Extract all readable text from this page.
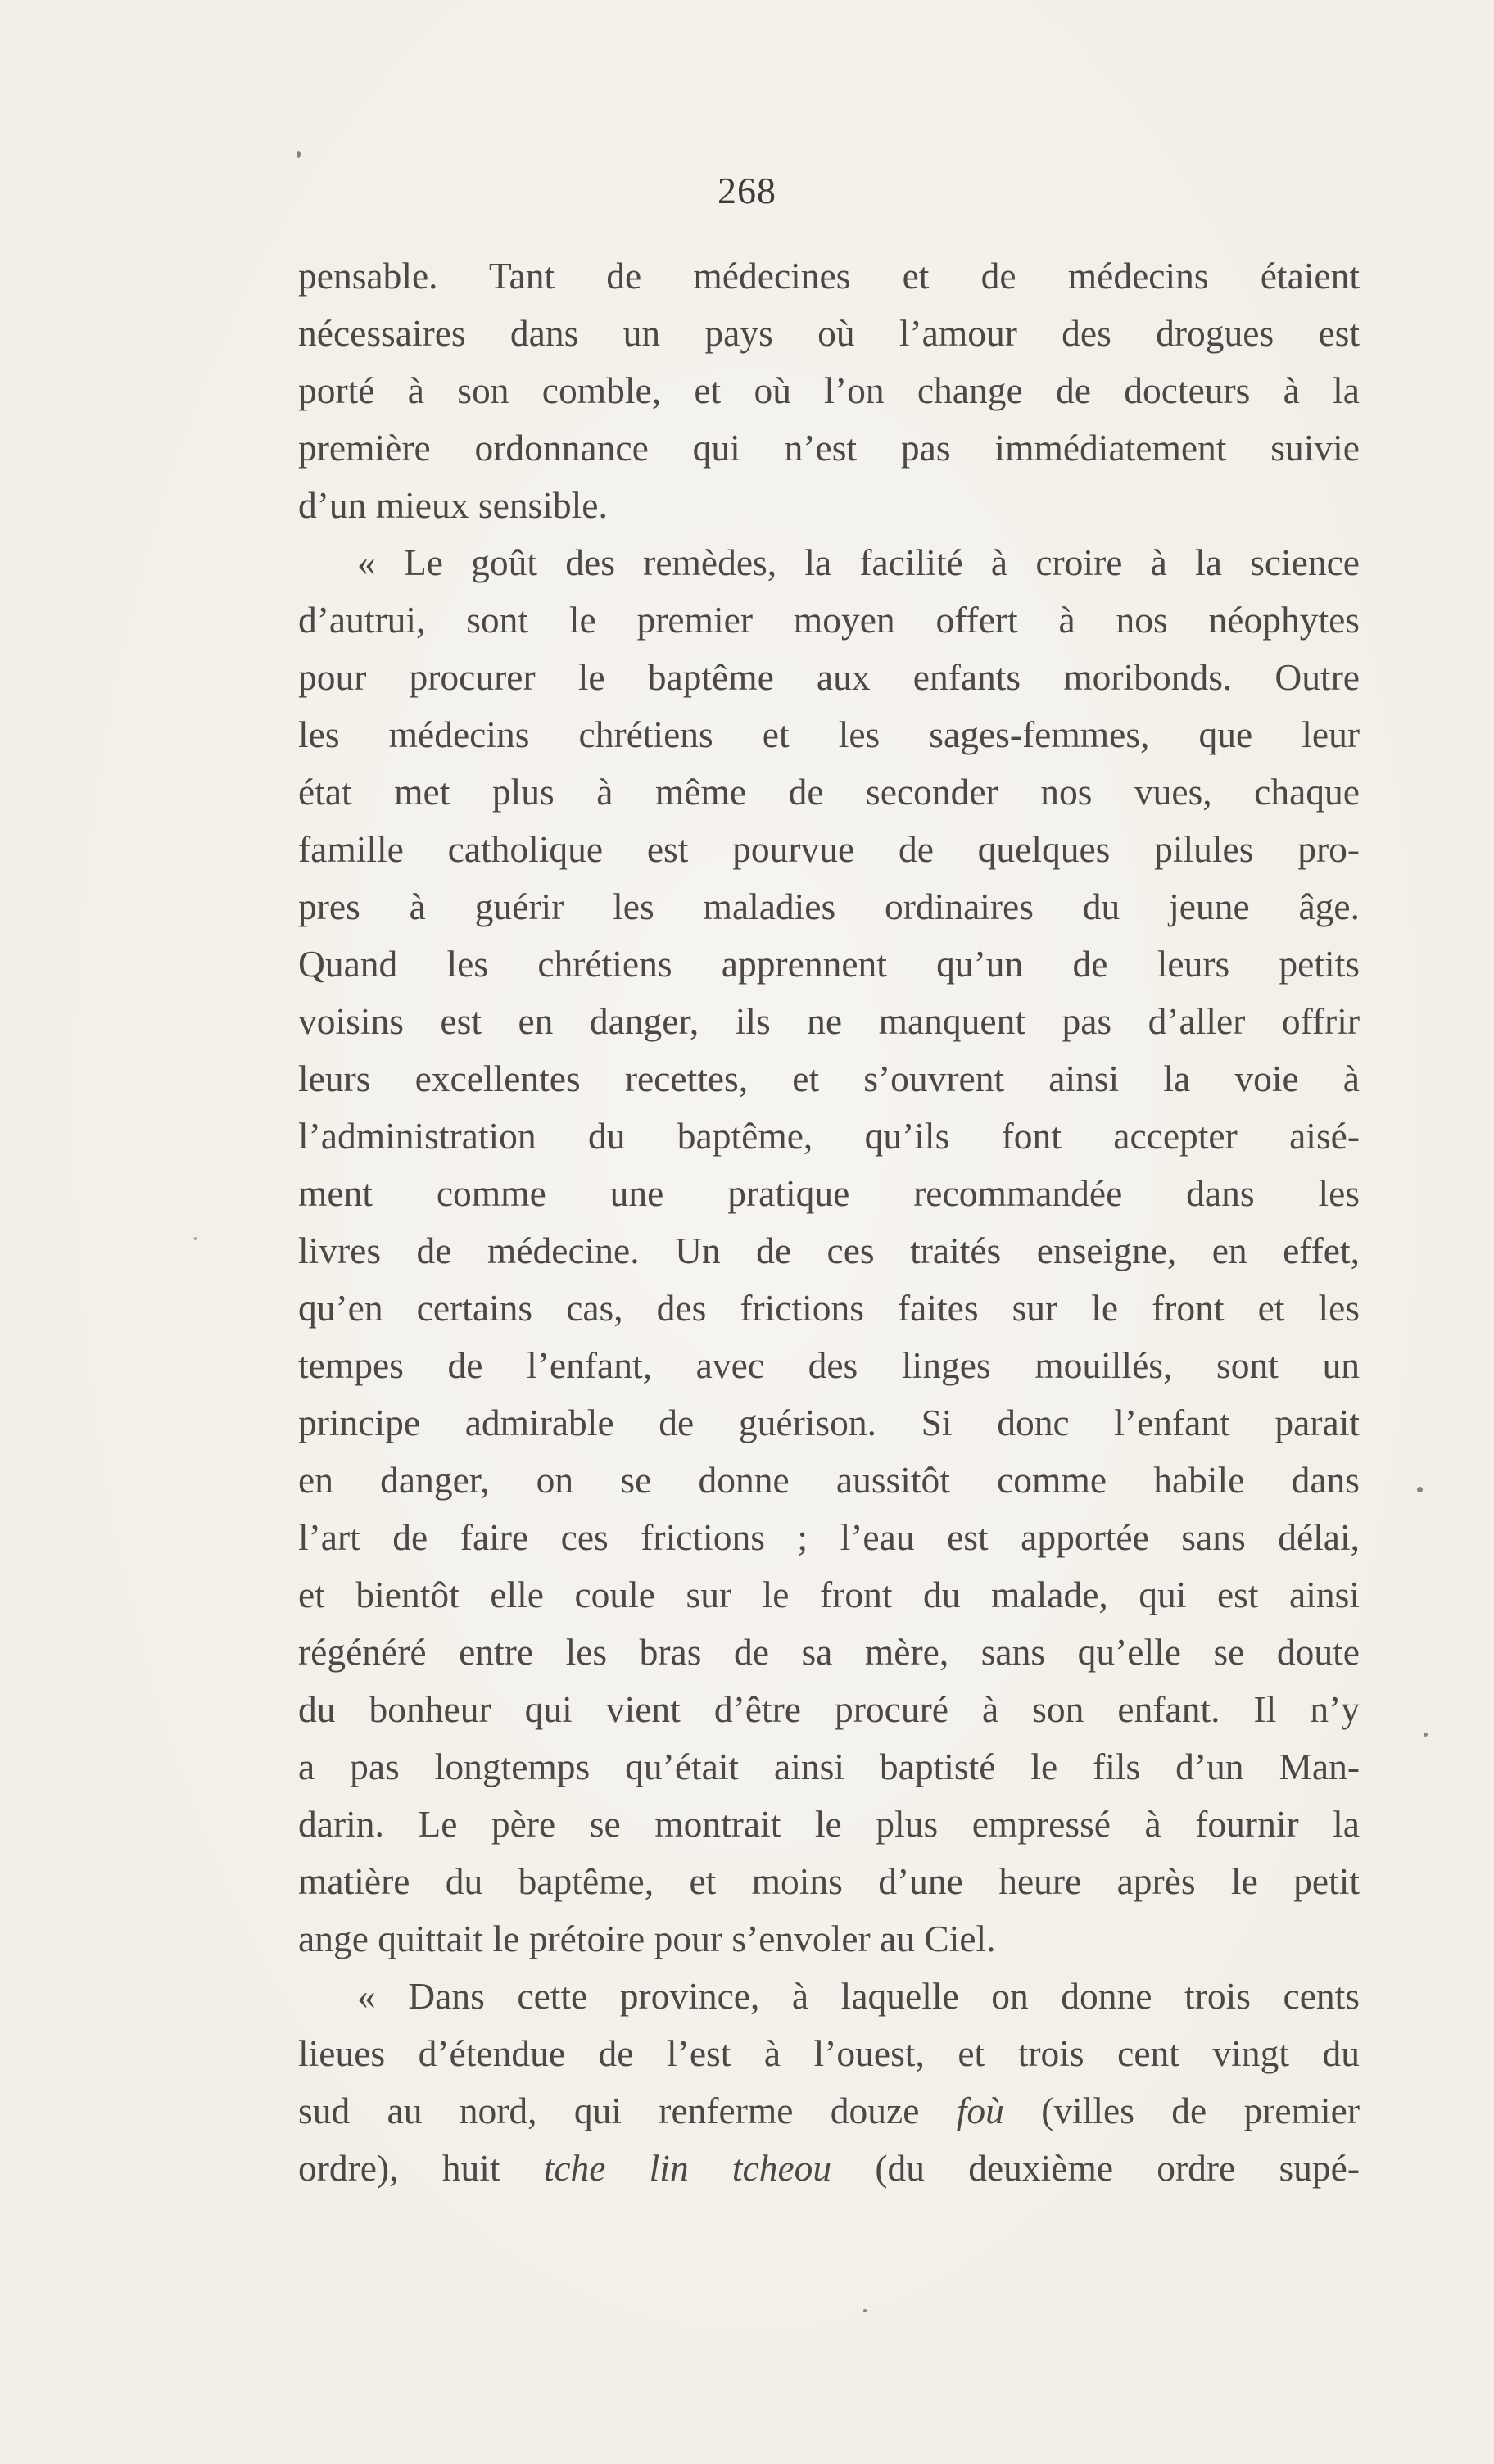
268
pensable. Tant de médecines et de médecins étaient
nécessaires dans un pays où l’amour des drogues est
porté à son comble, et où l’on change de docteurs à la
première ordonnance qui n’est pas immédiatement suivie
d’un mieux sensible.
« Le goût des remèdes, la facilité à croire à la science
d’autrui, sont le premier moyen offert à nos néophytes
pour procurer le baptême aux enfants moribonds. Outre
les médecins chrétiens et les sages-femmes, que leur
état met plus à même de seconder nos vues, chaque
famille catholique est pourvue de quelques pilules pro-
pres à guérir les maladies ordinaires du jeune âge.
Quand les chrétiens apprennent qu’un de leurs petits
voisins est en danger, ils ne manquent pas d’aller offrir
leurs excellentes recettes, et s’ouvrent ainsi la voie à
l’administration du baptême, qu’ils font accepter aisé-
ment comme une pratique recommandée dans les
livres de médecine. Un de ces traités enseigne, en effet,
qu’en certains cas, des frictions faites sur le front et les
tempes de l’enfant, avec des linges mouillés, sont un
principe admirable de guérison. Si donc l’enfant parait
en danger, on se donne aussitôt comme habile dans
l’art de faire ces frictions ; l’eau est apportée sans délai,
et bientôt elle coule sur le front du malade, qui est ainsi
régénéré entre les bras de sa mère, sans qu’elle se doute
du bonheur qui vient d’être procuré à son enfant. Il n’y
a pas longtemps qu’était ainsi baptisté le fils d’un Man-
darin. Le père se montrait le plus empressé à fournir la
matière du baptême, et moins d’une heure après le petit
ange quittait le prétoire pour s’envoler au Ciel.
« Dans cette province, à laquelle on donne trois cents
lieues d’étendue de l’est à l’ouest, et trois cent vingt du
sud au nord, qui renferme douze foù (villes de premier
ordre), huit tche lin tcheou (du deuxième ordre supé-
